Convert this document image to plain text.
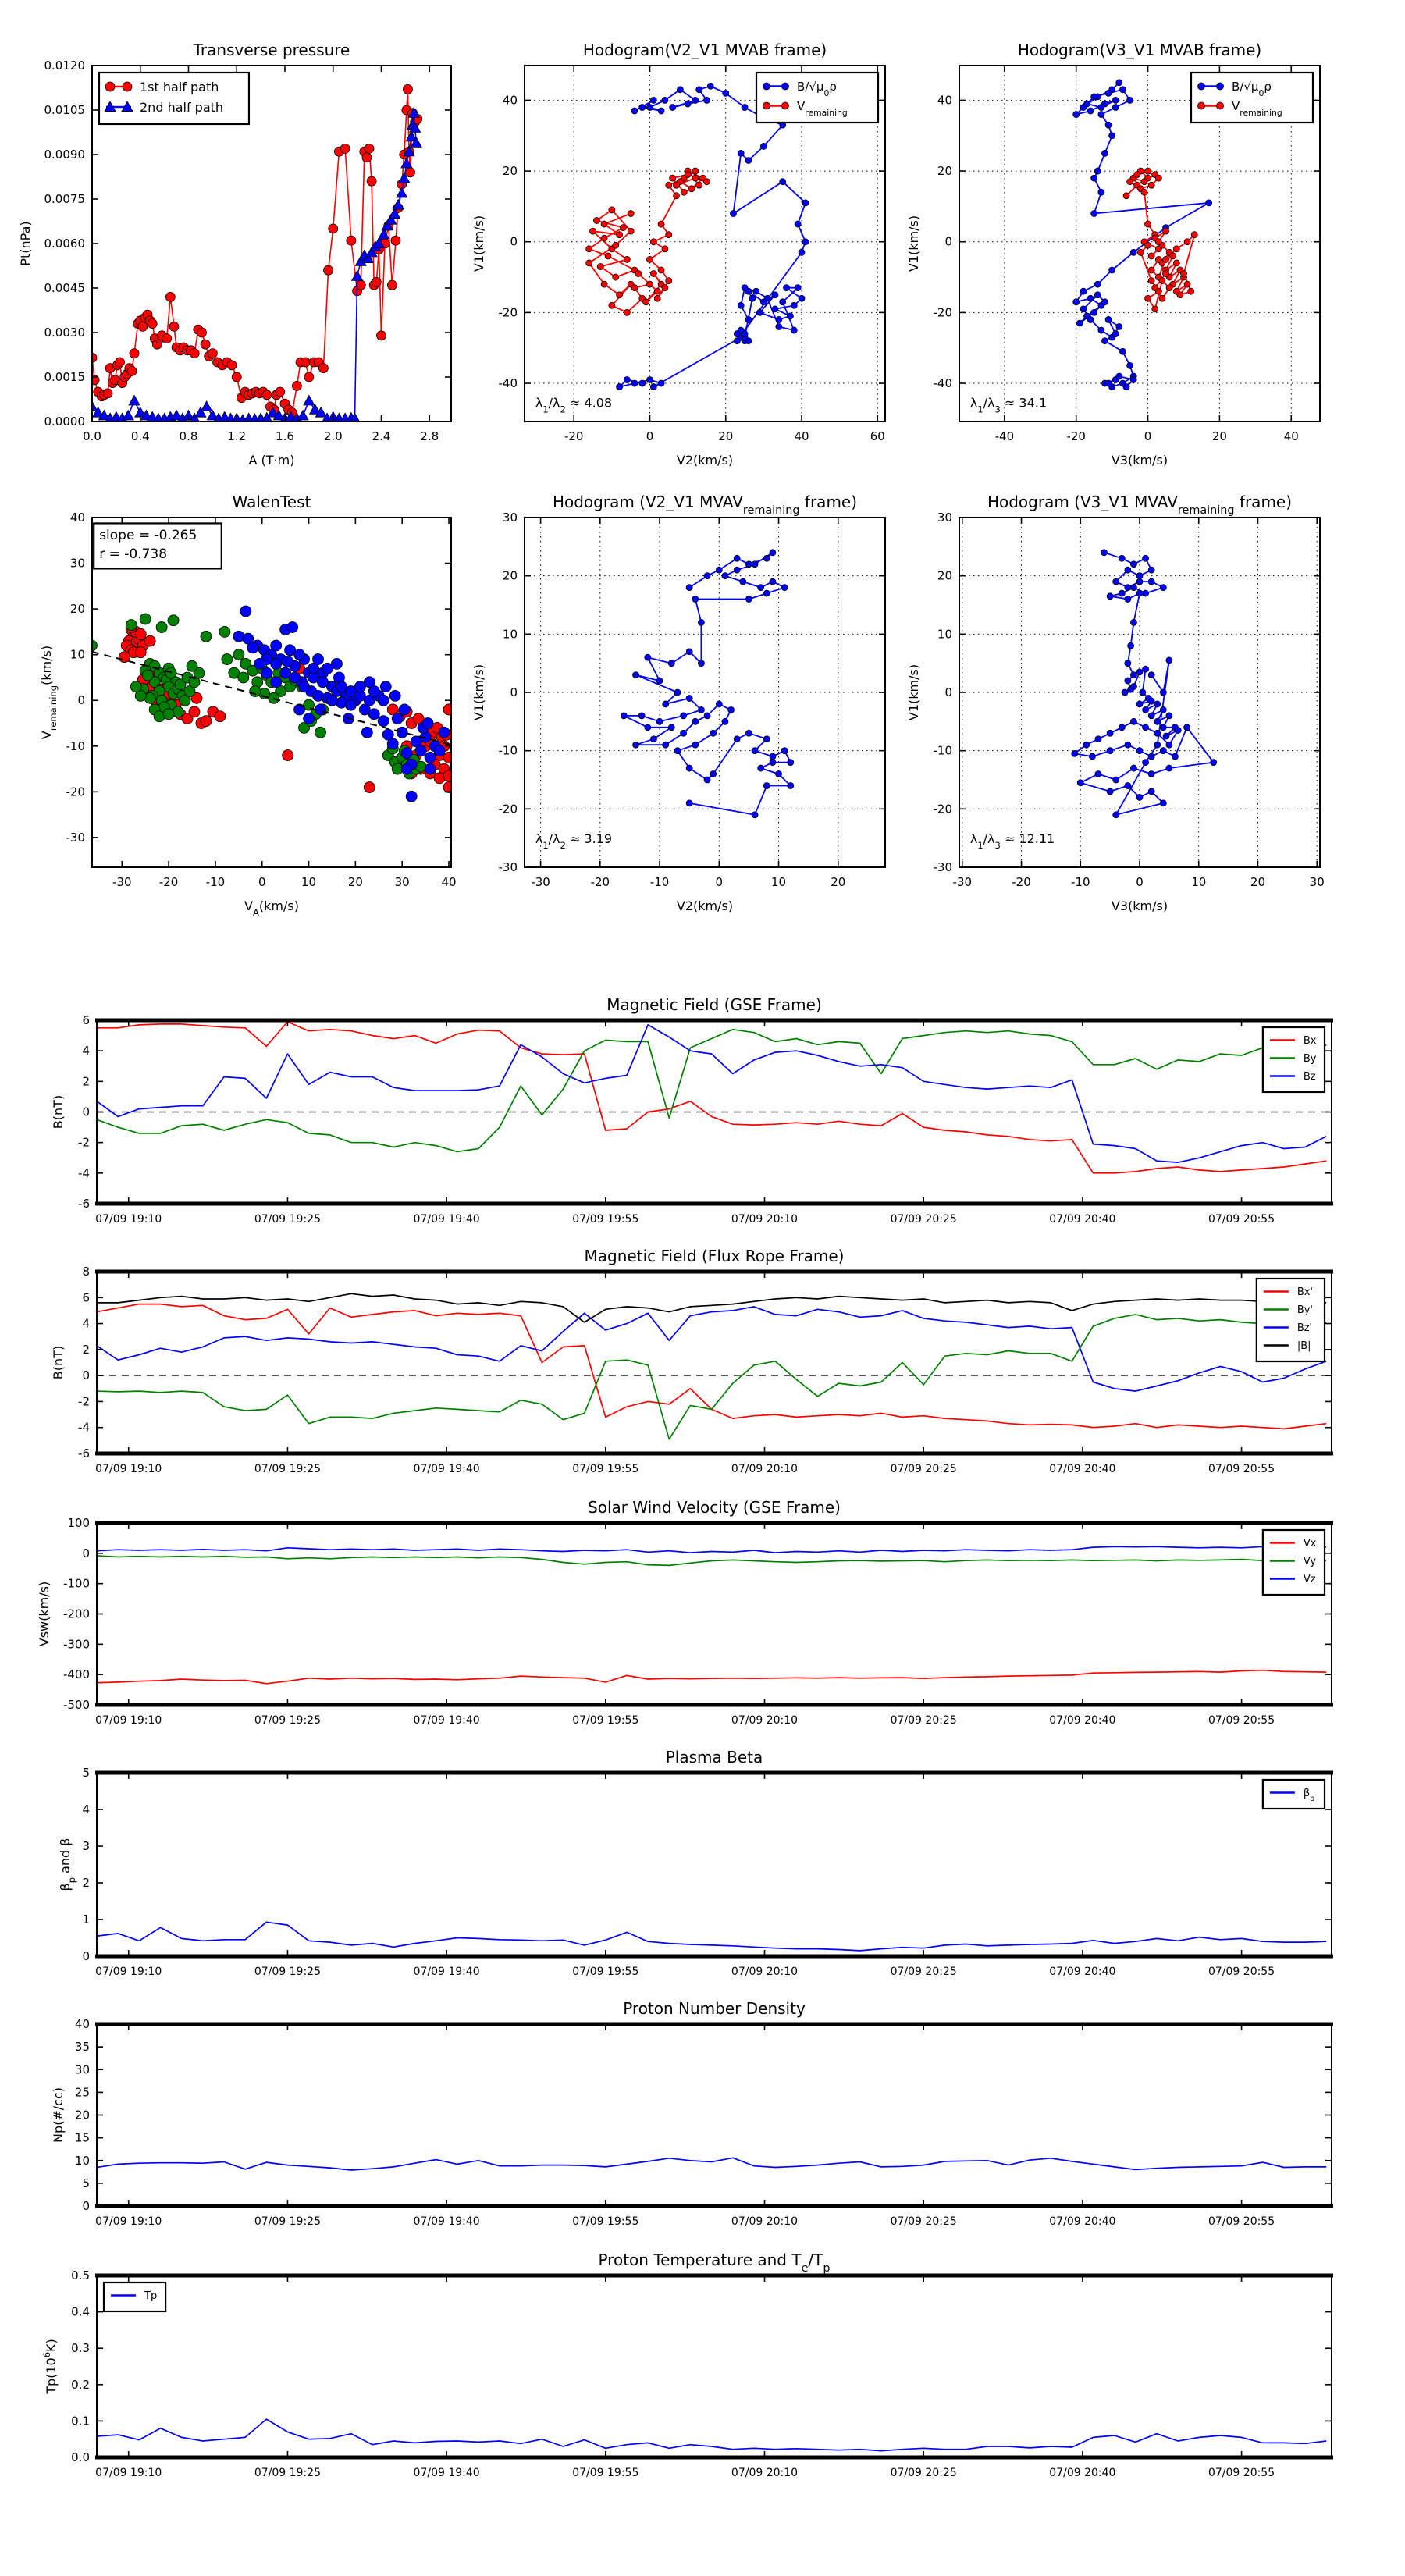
0.0	0.4	0.8	1.2	1.6	2.0	2.4	2.8
0.0000
0.0015
0.0030
0.0045
0.0060
0.0075
0.0090
0.0105
0.0120
Transverse pressure
A (T·m)
Pt(nPa)
1st half path
2nd half path
-20	0	20	40	60
-40
-20
0
20
40
Hodogram(V2_V1 MVAB frame)
V2(km/s)
V1(km/s)
$B/√\mu_0\rho$
$V_{remaining}$
$\lambda_1/\lambda_2 \approx 4.08$
-40	-20	0	20	40
-40
-20
0
20
40
Hodogram(V3_V1 MVAB frame)
V3(km/s)
V1(km/s)
$B/√\mu_0\rho$
$V_{remaining}$
$\lambda_1/\lambda_3 \approx 34.1$
-30 -20 -10	0	10	20	30	40
-30
-20
-10
0
10
20
30
40
WalenTest
$V_A(km/s)$
$V_{remaining}(km/s)$
slope = -0.265
r = -0.738
-30	-20	-10	0	10	20
-30
-20
-10
0
10
20
30
Hodogram (V2_V1 $MVAV_{remaining}$ frame)
V2(km/s)
V1(km/s)
$\lambda_1/\lambda_2 \approx 3.19$
-30	-20	-10	0	10	20	30
-30
-20
-10
0
10
20
30
Hodogram (V3_V1 $MVAV_{remaining}$ frame)
V3(km/s)
V1(km/s)
$\lambda_1/\lambda_3 \approx 12.11$
07/09 19:10	07/09 19:25	07/09 19:40	07/09 19:55	07/09 20:10	07/09 20:25	07/09 20:40	07/09 20:55
-6
-4
-2
0
2
4
6
Magnetic Field (GSE Frame)
B(nT)
Bx
By
Bz
07/09 19:10	07/09 19:25	07/09 19:40	07/09 19:55	07/09 20:10	07/09 20:25	07/09 20:40	07/09 20:55
-6
-4
-2
0
2
4
6
8
Magnetic Field (Flux Rope Frame)
B(nT)
Bx'
By'
Bz'
|B|
07/09 19:10	07/09 19:25	07/09 19:40	07/09 19:55	07/09 20:10	07/09 20:25	07/09 20:40	07/09 20:55
-500
-400
-300
-200
-100
0
100
Solar Wind Velocity (GSE Frame)
Vsw(km/s)
Vx
Vy
Vz
07/09 19:10	07/09 19:25	07/09 19:40	07/09 19:55	07/09 20:10	07/09 20:25	07/09 20:40	07/09 20:55
0
1
2
3
4
5
Plasma Beta
$\beta_p$ and β
$\beta_p$
07/09 19:10	07/09 19:25	07/09 19:40	07/09 19:55	07/09 20:10	07/09 20:25	07/09 20:40	07/09 20:55
0
5
10
15
20
25
30
35
40
Proton Number Density
Np(#/cc)
07/09 19:10	07/09 19:25	07/09 19:40	07/09 19:55	07/09 20:10	07/09 20:25	07/09 20:40	07/09 20:55
0.0
0.1
0.2
0.3
0.4
0.5
Proton Temperature and $T_e/T_p$
$Tp(10^6K)$
Tp
